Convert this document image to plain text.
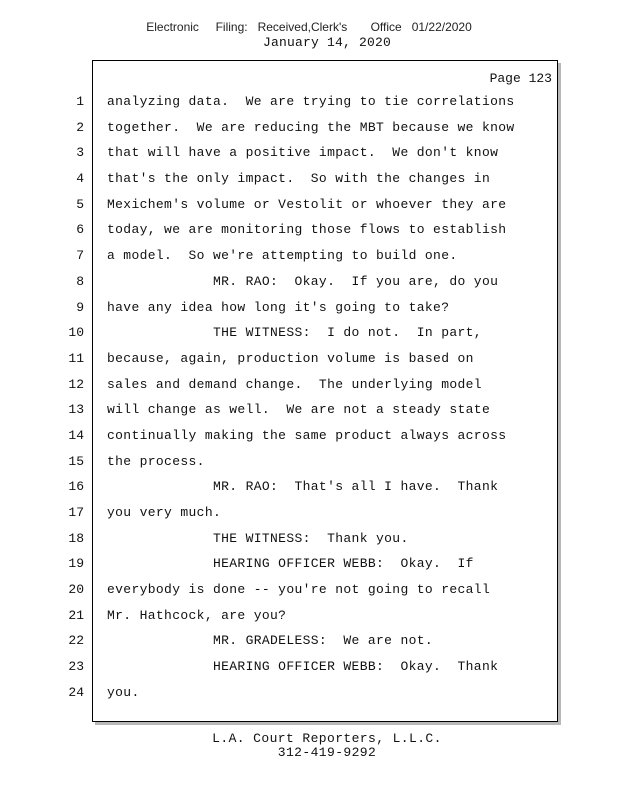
Electronic     Filing:   Received,Clerk's       Office   01/22/2020
January 14, 2020
Page 123
1
2
3
4
5
6
7
8
9
10
11
12
13
14
15
16
17
18
19
20
21
22
23
24
analyzing data.  We are trying to tie correlations
together.  We are reducing the MBT because we know
that will have a positive impact.  We don't know
that's the only impact.  So with the changes in
Mexichem's volume or Vestolit or whoever they are
today, we are monitoring those flows to establish
a model.  So we're attempting to build one.
MR. RAO:  Okay.  If you are, do you
have any idea how long it's going to take?
THE WITNESS:  I do not.  In part,
because, again, production volume is based on
sales and demand change.  The underlying model
will change as well.  We are not a steady state
continually making the same product always across
the process.
MR. RAO:  That's all I have.  Thank
you very much.
THE WITNESS:  Thank you.
HEARING OFFICER WEBB:  Okay.  If
everybody is done -- you're not going to recall
Mr. Hathcock, are you?
MR. GRADELESS:  We are not.
HEARING OFFICER WEBB:  Okay.  Thank
you.
L.A. Court Reporters, L.L.C.
312-419-9292
